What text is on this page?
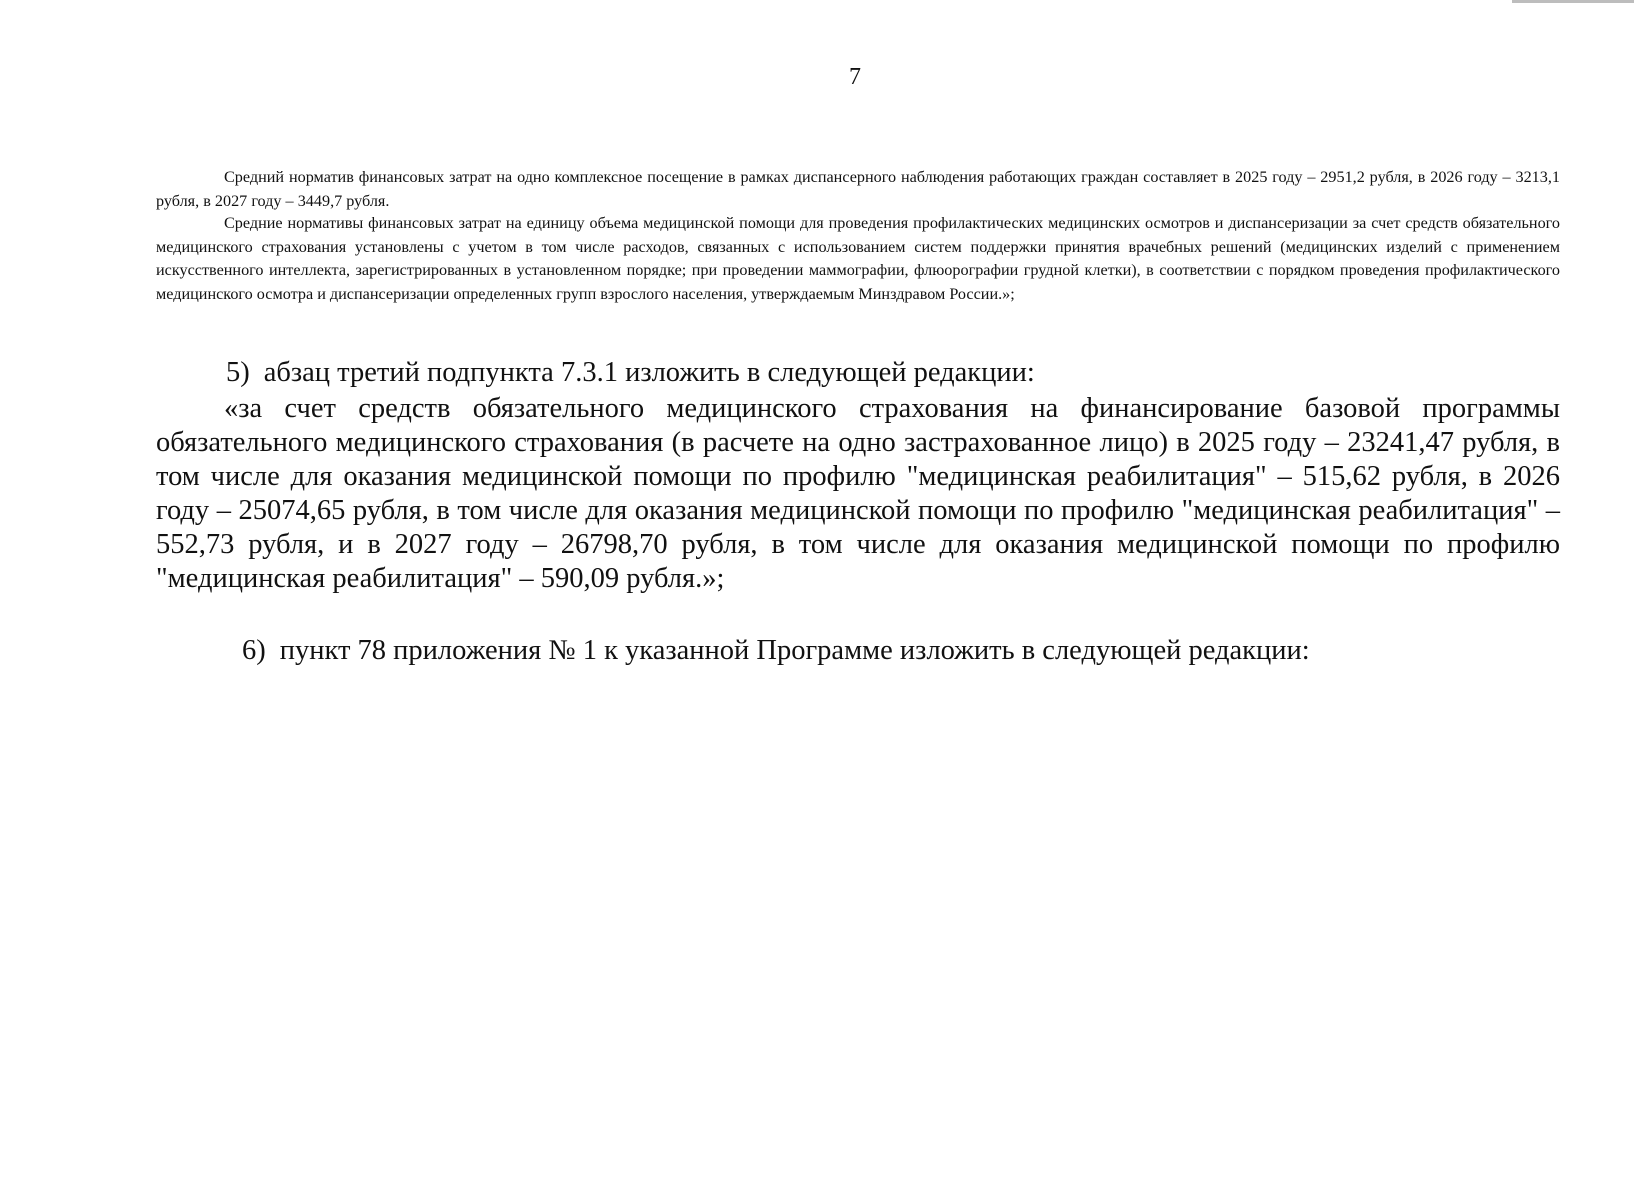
7

Средний норматив финансовых затрат на одно комплексное посещение в рамках диспансерного наблюдения работающих граждан составляет в 2025 году – 2951,2 рубля, в 2026 году – 3213,1 рубля, в 2027 году – 3449,7 рубля.

Средние нормативы финансовых затрат на единицу объема медицинской помощи для проведения профилактических медицинских осмотров и диспансеризации за счет средств обязательного медицинского страхования установлены с учетом в том числе расходов, связанных с использованием систем поддержки принятия врачебных решений (медицинских изделий с применением искусственного интеллекта, зарегистрированных в установленном порядке; при проведении маммографии, флюорографии грудной клетки), в соответствии с порядком проведения профилактического медицинского осмотра и диспансеризации определенных групп взрослого населения, утверждаемым Минздравом России.»;

5) абзац третий подпункта 7.3.1 изложить в следующей редакции:

«за счет средств обязательного медицинского страхования на финансирование базовой программы обязательного медицинского страхования (в расчете на одно застрахованное лицо) в 2025 году – 23241,47 рубля, в том числе для оказания медицинской помощи по профилю "медицинская реабилитация" – 515,62 рубля, в 2026 году – 25074,65 рубля, в том числе для оказания медицинской помощи по профилю "медицинская реабилитация" – 552,73 рубля, и в 2027 году – 26798,70 рубля, в том числе для оказания медицинской помощи по профилю "медицинская реабилитация" – 590,09 рубля.»;

6) пункт 78 приложения № 1 к указанной Программе изложить в следующей редакции:
